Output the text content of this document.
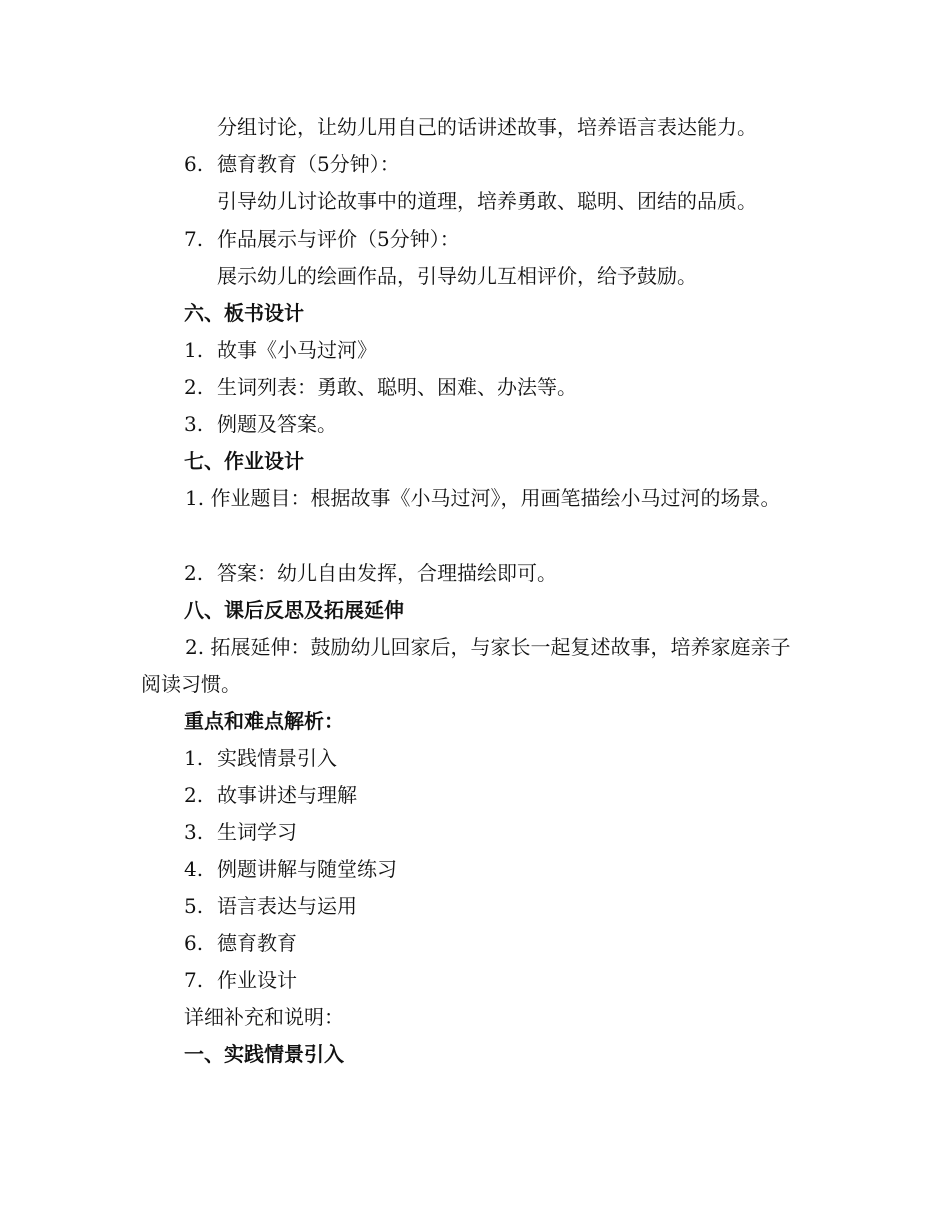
分组讨论，让幼儿用自己的话讲述故事，培养语言表达能力。
6. 德育教育（5分钟）：
引导幼儿讨论故事中的道理，培养勇敢、聪明、团结的品质。
7. 作品展示与评价（5分钟）：
展示幼儿的绘画作品，引导幼儿互相评价，给予鼓励。
六、板书设计
1. 故事《小马过河》
2. 生词列表：勇敢、聪明、困难、办法等。
3. 例题及答案。
七、作业设计
1. 作业题目：根据故事《小马过河》，用画笔描绘小马过河的场景。
2. 答案：幼儿自由发挥，合理描绘即可。
八、课后反思及拓展延伸
2. 拓展延伸：鼓励幼儿回家后，与家长一起复述故事，培养家庭亲子阅读习惯。
重点和难点解析：
1. 实践情景引入
2. 故事讲述与理解
3. 生词学习
4. 例题讲解与随堂练习
5. 语言表达与运用
6. 德育教育
7. 作业设计
详细补充和说明：
一、实践情景引入
